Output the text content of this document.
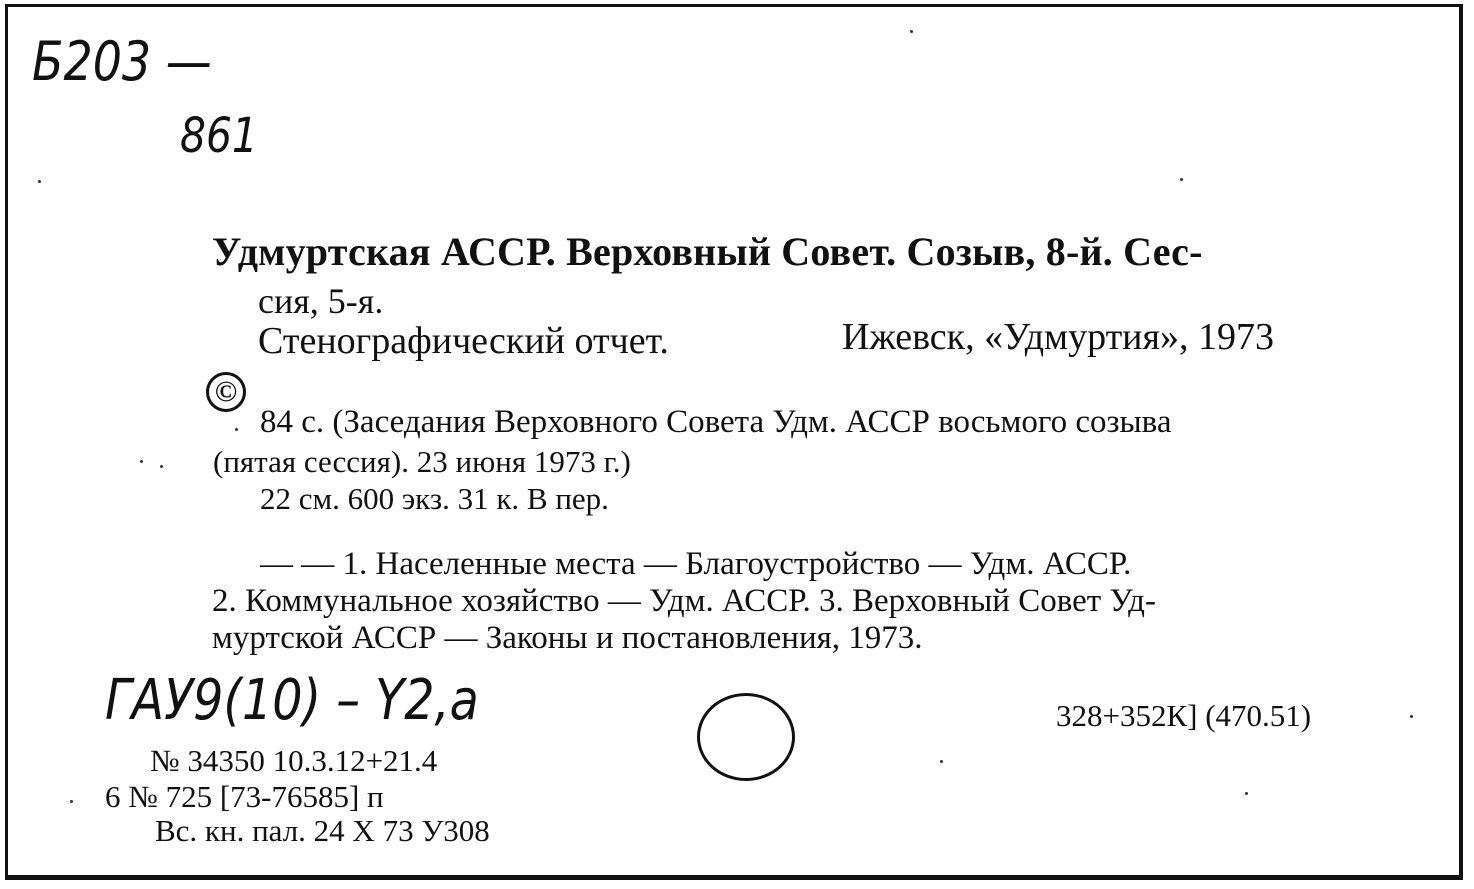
Б203 —
861
Удмуртская АССР. Верховный Совет. Созыв, 8-й. Сес-
сия, 5-я.
Стенографический отчет.	Ижевск, «Удмуртия», 1973
©
84 с. (Заседания Верховного Совета Удм. АССР восьмого созыва
(пятая сессия). 23 июня 1973 г.)
22 см. 600 экз. 31 к. В пер.
— — 1. Населенные места — Благоустройство — Удм. АССР.
2. Коммунальное хозяйство — Удм. АССР. 3. Верховный Совет Уд-
муртской АССР — Законы и постановления, 1973.
ГАУ9(10) – Y2,а	328+352К] (470.51)
№ 34350 10.3.12+21.4
6 № 725 [73-76585] п
Вс. кн. пал. 24 X 73 У308
